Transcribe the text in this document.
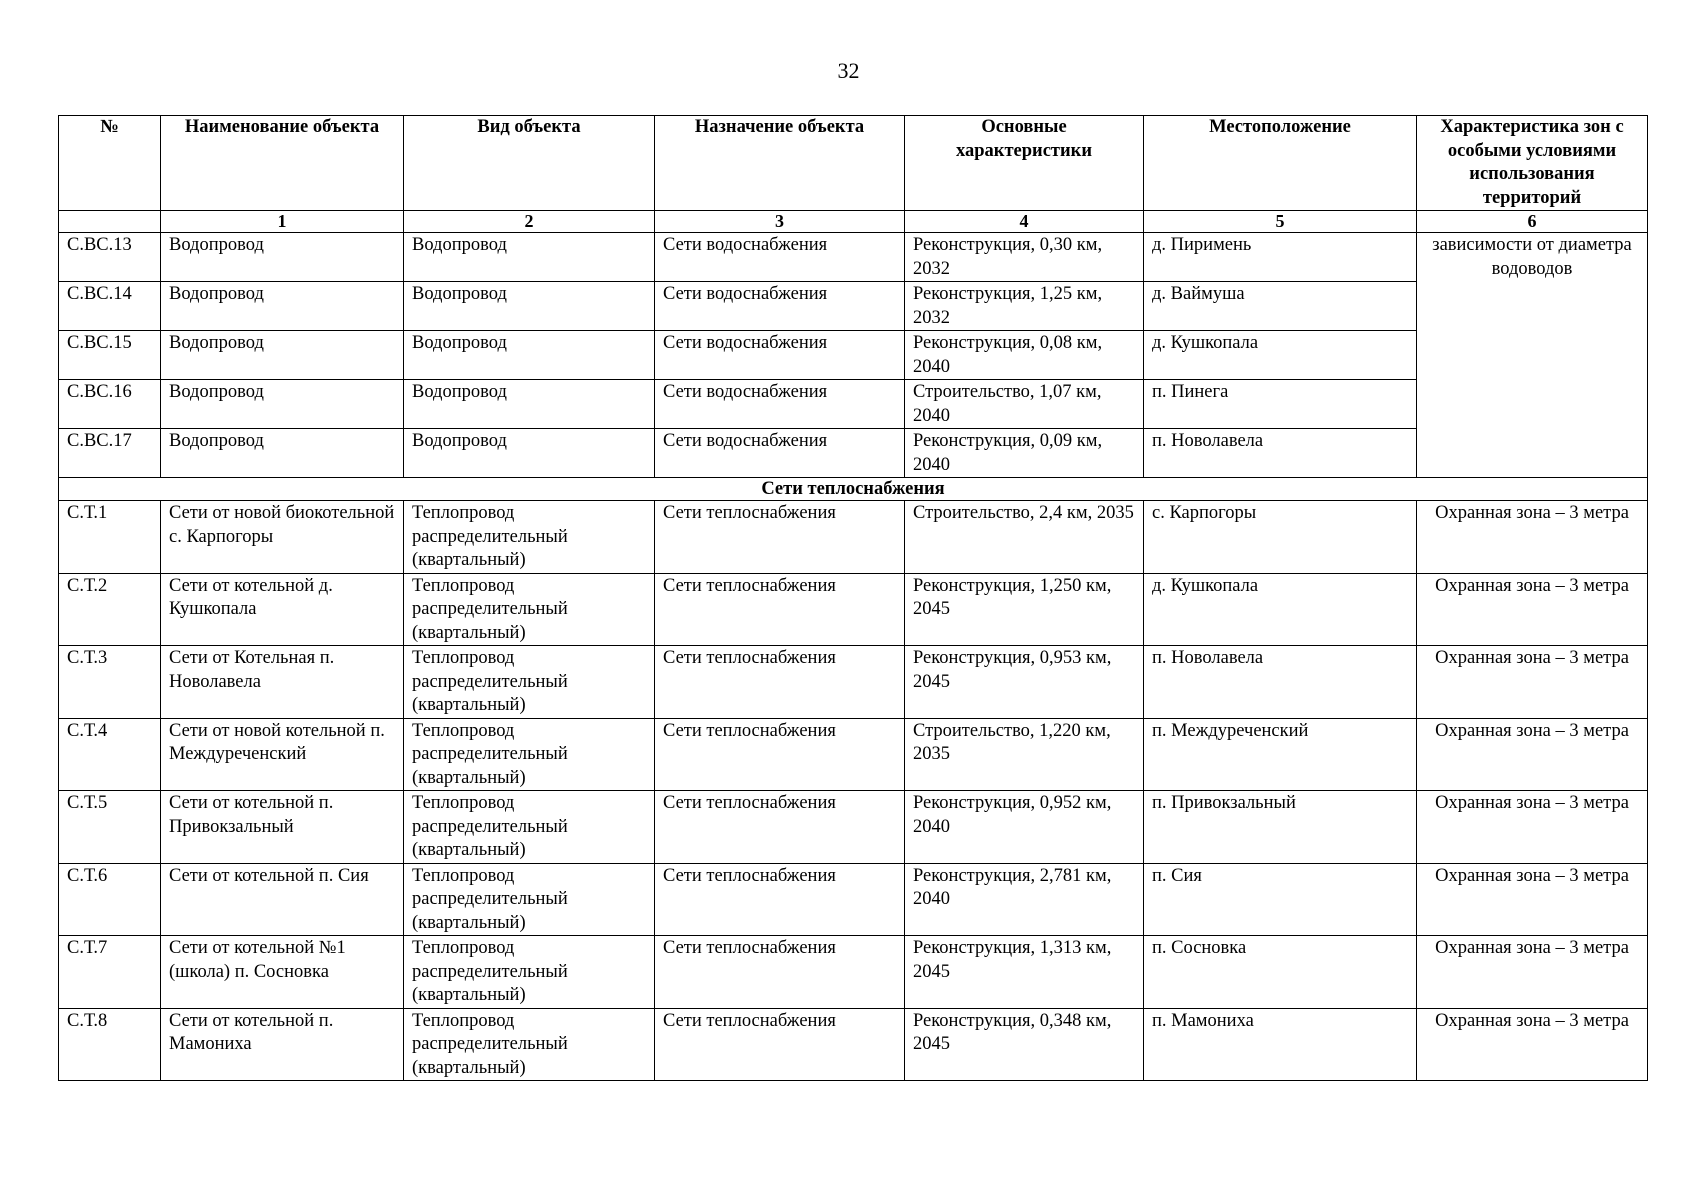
32
№	Наименование объекта	Вид объекта	Назначение объекта	Основные характеристики	Местоположение	Характеристика зон с особыми условиями использования территорий
	1	2	3	4	5	6
С.ВС.13	Водопровод	Водопровод	Сети водоснабжения	Реконструкция, 0,30 км, 2032	д. Пиримень	зависимости от диаметра водоводов
С.ВС.14	Водопровод	Водопровод	Сети водоснабжения	Реконструкция, 1,25 км, 2032	д. Ваймуша	
С.ВС.15	Водопровод	Водопровод	Сети водоснабжения	Реконструкция, 0,08 км, 2040	д. Кушкопала	
С.ВС.16	Водопровод	Водопровод	Сети водоснабжения	Строительство, 1,07 км, 2040	п. Пинега	
С.ВС.17	Водопровод	Водопровод	Сети водоснабжения	Реконструкция, 0,09 км, 2040	п. Новолавела	
Сети теплоснабжения						
С.Т.1	Сети от новой биокотельной с. Карпогоры	Теплопровод распределительный (квартальный)	Сети теплоснабжения	Строительство, 2,4 км, 2035	с. Карпогоры	Охранная зона – 3 метра
С.Т.2	Сети от котельной д. Кушкопала	Теплопровод распределительный (квартальный)	Сети теплоснабжения	Реконструкция, 1,250 км, 2045	д. Кушкопала	Охранная зона – 3 метра
С.Т.3	Сети от Котельная п. Новолавела	Теплопровод распределительный (квартальный)	Сети теплоснабжения	Реконструкция, 0,953 км, 2045	п. Новолавела	Охранная зона – 3 метра
С.Т.4	Сети от новой котельной п. Междуреченский	Теплопровод распределительный (квартальный)	Сети теплоснабжения	Строительство, 1,220 км, 2035	п. Междуреченский	Охранная зона – 3 метра
С.Т.5	Сети от котельной п. Привокзальный	Теплопровод распределительный (квартальный)	Сети теплоснабжения	Реконструкция, 0,952 км, 2040	п. Привокзальный	Охранная зона – 3 метра
С.Т.6	Сети от котельной п. Сия	Теплопровод распределительный (квартальный)	Сети теплоснабжения	Реконструкция, 2,781 км, 2040	п. Сия	Охранная зона – 3 метра
С.Т.7	Сети от котельной №1 (школа) п. Сосновка	Теплопровод распределительный (квартальный)	Сети теплоснабжения	Реконструкция, 1,313 км, 2045	п. Сосновка	Охранная зона – 3 метра
С.Т.8	Сети от котельной п. Мамониха	Теплопровод распределительный (квартальный)	Сети теплоснабжения	Реконструкция, 0,348 км, 2045	п. Мамониха	Охранная зона – 3 метра
